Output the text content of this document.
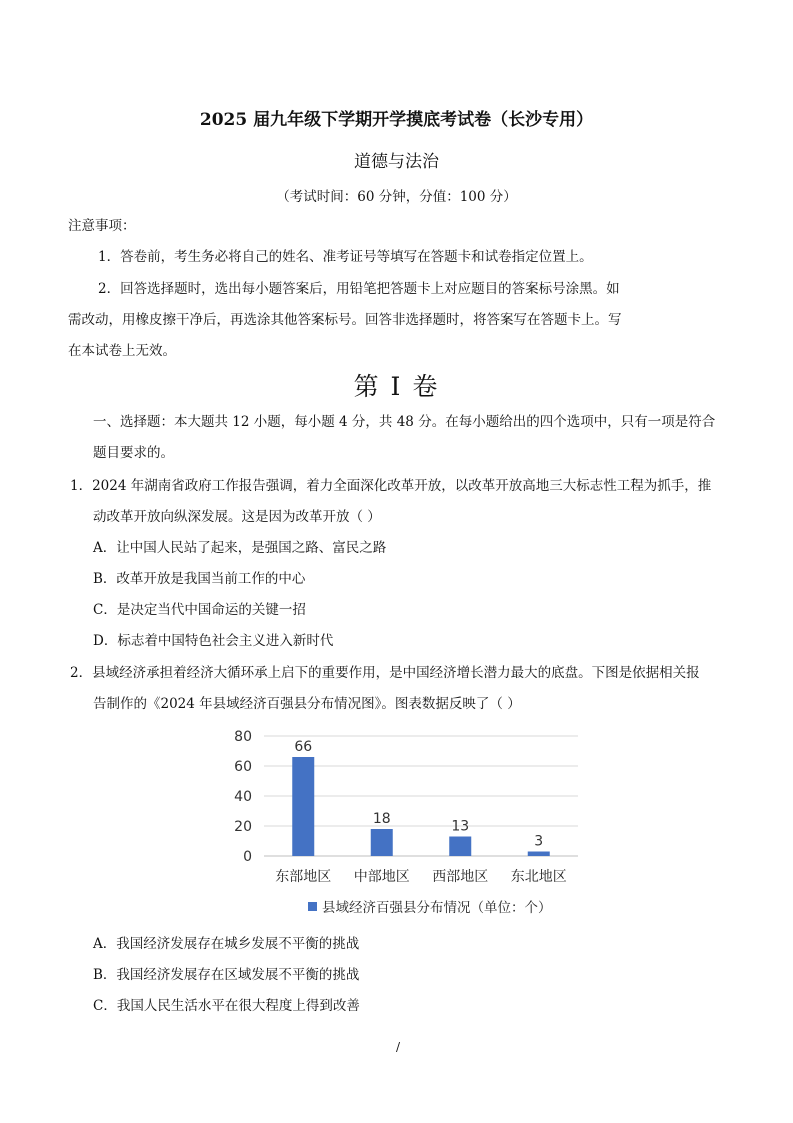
2025 届九年级下学期开学摸底考试卷（长沙专用）
道德与法治
（考试时间：60 分钟，分值：100 分）
注意事项：
1．答卷前，考生务必将自己的姓名、准考证号等填写在答题卡和试卷指定位置上。
2．回答选择题时，选出每小题答案后，用铅笔把答题卡上对应题目的答案标号涂黑。如
需改动，用橡皮擦干净后，再选涂其他答案标号。回答非选择题时，将答案写在答题卡上。写
在本试卷上无效。
第 I 卷
一、选择题：本大题共 12 小题，每小题 4 分，共 48 分。在每小题给出的四个选项中，只有一项是符合
题目要求的。
1．2024 年湖南省政府工作报告强调，着力全面深化改革开放，以改革开放高地三大标志性工程为抓手，推
动改革开放向纵深发展。这是因为改革开放（ ）
A．让中国人民站了起来，是强国之路、富民之路
B．改革开放是我国当前工作的中心
C．是决定当代中国命运的关键一招
D．标志着中国特色社会主义进入新时代
2．县域经济承担着经济大循环承上启下的重要作用，是中国经济增长潜力最大的底盘。下图是依据相关报
告制作的《2024 年县域经济百强县分布情况图》。图表数据反映了（ ）
0
20
40
60
80
66
东部地区
18
中部地区
13
西部地区
3
东北地区
县域经济百强县分布情况（单位：个）
A．我国经济发展存在城乡发展不平衡的挑战
B．我国经济发展存在区域发展不平衡的挑战
C．我国人民生活水平在很大程度上得到改善
/
